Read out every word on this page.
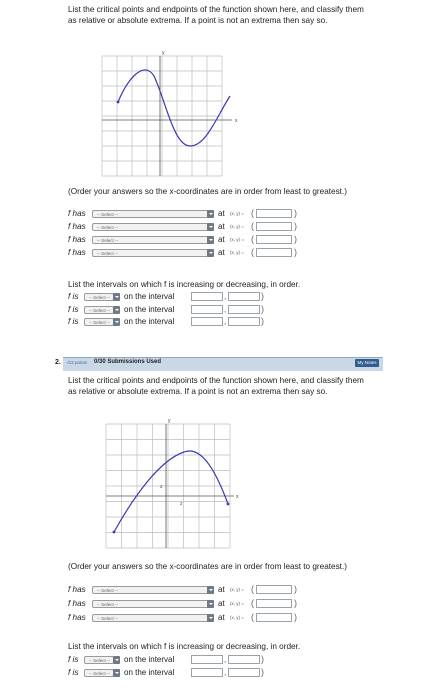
List the critical points and endpoints of the function shown here, and classify them as relative or absolute extrema. If a point is not an extrema then say so.
y
x
(Order your answers so the x-coordinates are in order from least to greatest.)
f has	-- Select --	at (x, y) = (	)
f has	-- Select --	at (x, y) = (	)
f has	-- Select --	at (x, y) = (	)
f has	-- Select --	at (x, y) = (	)
List the intervals on which f is increasing or decreasing, in order.
f is	-- Select --	on the interval	,	)
f is	-- Select --	on the interval	,	)
f is	-- Select --	on the interval	,	)
2. -/12 points 0/30 Submissions Used	My Notes
List the critical points and endpoints of the function shown here, and classify them as relative or absolute extrema. If a point is not an extrema then say so.
y
x
2
2
(Order your answers so the x-coordinates are in order from least to greatest.)
f has	-- Select --	at (x, y) = (	)
f has	-- Select --	at (x, y) = (	)
f has	-- Select --	at (x, y) = (	)
List the intervals on which f is increasing or decreasing, in order.
f is	-- Select --	on the interval	,	)
f is	-- Select --	on the interval	,	)
